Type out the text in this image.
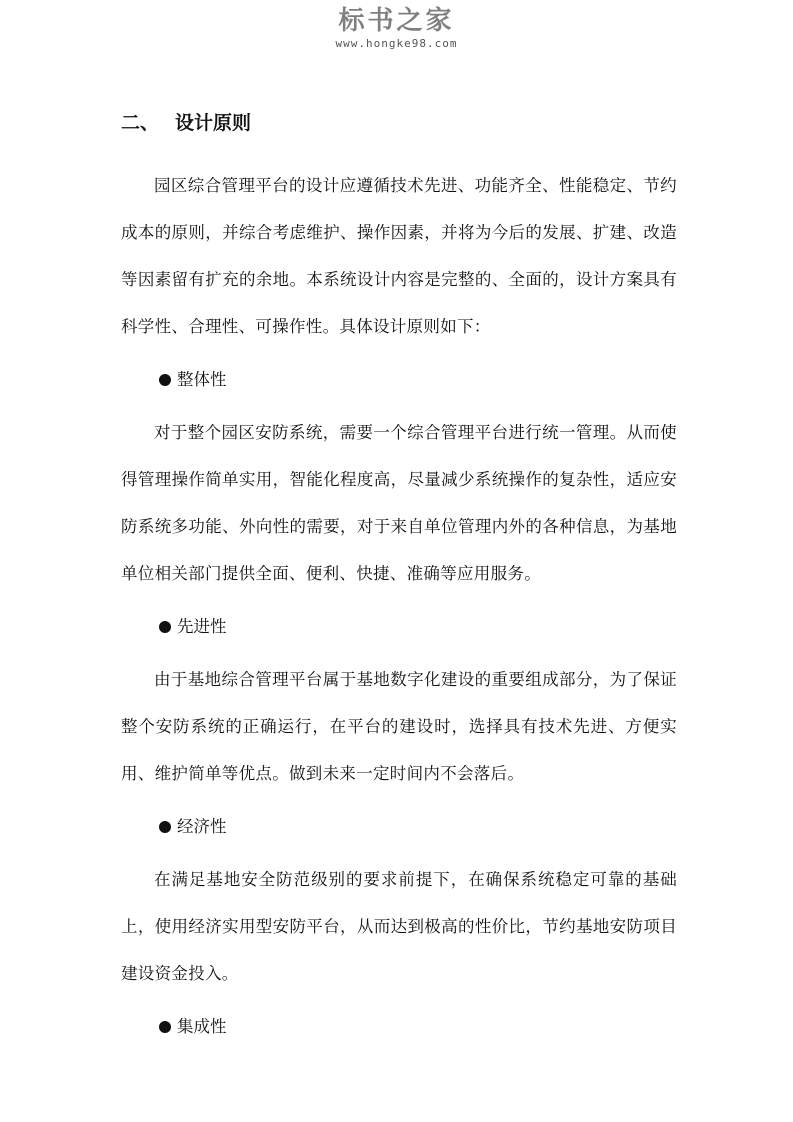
标书之家
www.hongke98.com
二、 设计原则

园区综合管理平台的设计应遵循技术先进、功能齐全、性能稳定、节约成本的原则，并综合考虑维护、操作因素，并将为今后的发展、扩建、改造等因素留有扩充的余地。本系统设计内容是完整的、全面的，设计方案具有科学性、合理性、可操作性。具体设计原则如下：

整体性

对于整个园区安防系统，需要一个综合管理平台进行统一管理。从而使得管理操作简单实用，智能化程度高，尽量减少系统操作的复杂性，适应安防系统多功能、外向性的需要，对于来自单位管理内外的各种信息，为基地单位相关部门提供全面、便利、快捷、准确等应用服务。

先进性

由于基地综合管理平台属于基地数字化建设的重要组成部分，为了保证整个安防系统的正确运行，在平台的建设时，选择具有技术先进、方便实用、维护简单等优点。做到未来一定时间内不会落后。

经济性

在满足基地安全防范级别的要求前提下，在确保系统稳定可靠的基础上，使用经济实用型安防平台，从而达到极高的性价比，节约基地安防项目建设资金投入。

集成性
